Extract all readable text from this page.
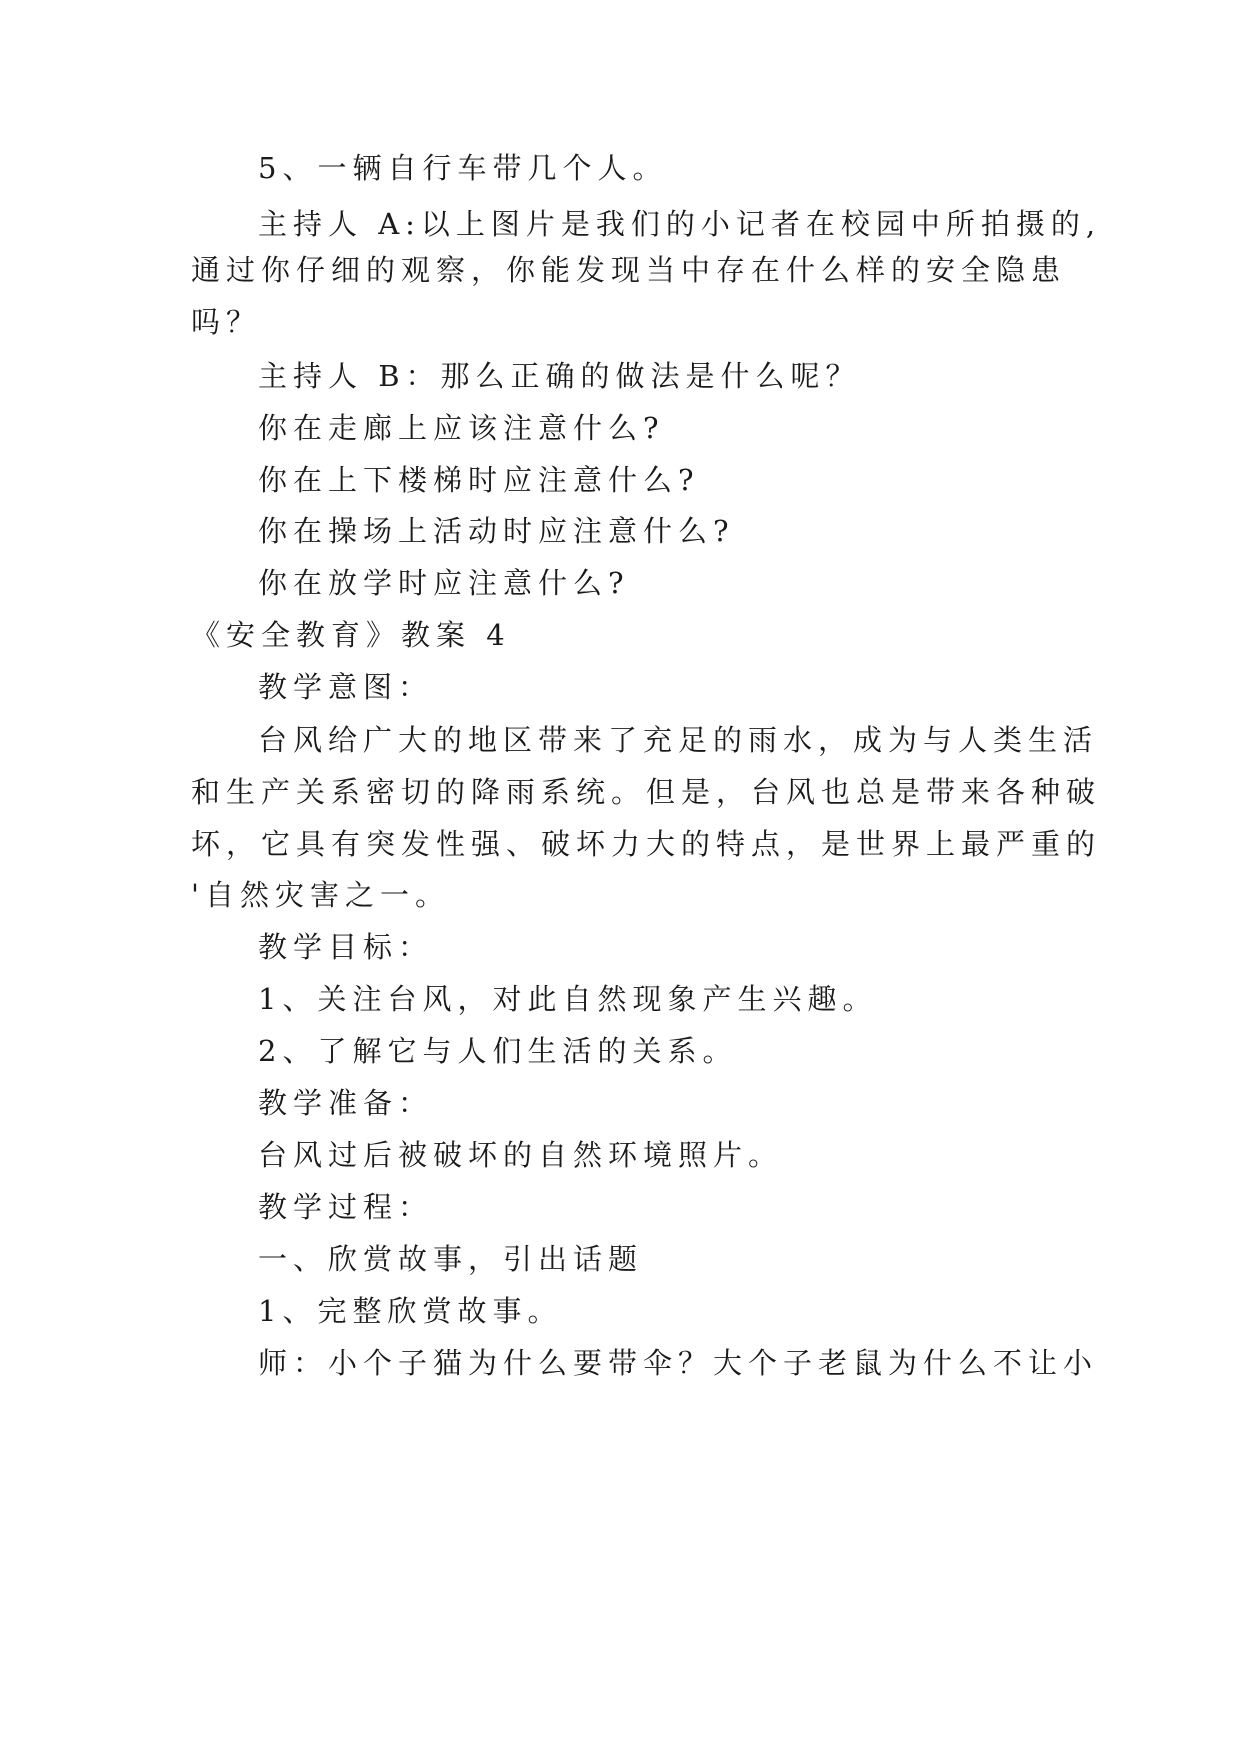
5、一辆自行车带几个人。
主持人 A:以上图片是我们的小记者在校园中所拍摄的,
通过你仔细的观察，你能发现当中存在什么样的安全隐患
吗？
主持人 B：那么正确的做法是什么呢？
你在走廊上应该注意什么?
你在上下楼梯时应注意什么?
你在操场上活动时应注意什么?
你在放学时应注意什么?
《安全教育》教案 4
教学意图：
台风给广大的地区带来了充足的雨水，成为与人类生活
和生产关系密切的降雨系统。但是，台风也总是带来各种破
坏，它具有突发性强、破坏力大的特点，是世界上最严重的
'自然灾害之一。
教学目标：
1、关注台风，对此自然现象产生兴趣。
2、了解它与人们生活的关系。
教学准备：
台风过后被破坏的自然环境照片。
教学过程：
一、欣赏故事，引出话题
1、完整欣赏故事。
师：小个子猫为什么要带伞？大个子老鼠为什么不让小
